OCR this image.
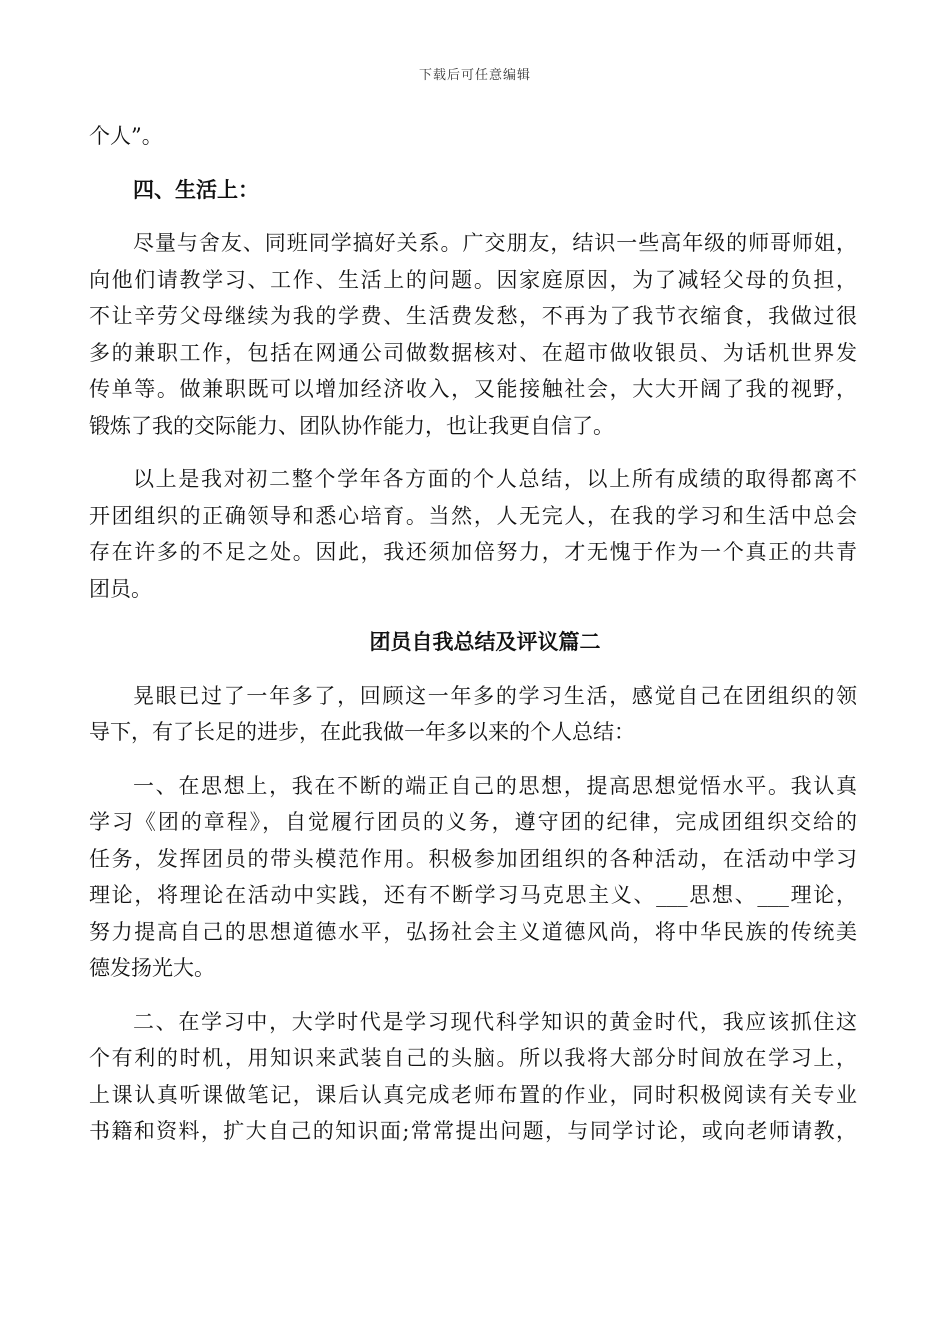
下载后可任意编辑
个人”。
四、生活上：
尽量与舍友、同班同学搞好关系。广交朋友，结识一些高年级的师哥师姐，
向他们请教学习、工作、生活上的问题。因家庭原因，为了减轻父母的负担，
不让辛劳父母继续为我的学费、生活费发愁，不再为了我节衣缩食，我做过很
多的兼职工作，包括在网通公司做数据核对、在超市做收银员、为话机世界发
传单等。做兼职既可以增加经济收入，又能接触社会，大大开阔了我的视野，
锻炼了我的交际能力、团队协作能力，也让我更自信了。
以上是我对初二整个学年各方面的个人总结，以上所有成绩的取得都离不
开团组织的正确领导和悉心培育。当然，人无完人，在我的学习和生活中总会
存在许多的不足之处。因此，我还须加倍努力，才无愧于作为一个真正的共青
团员。
团员自我总结及评议篇二
晃眼已过了一年多了，回顾这一年多的学习生活，感觉自己在团组织的领
导下，有了长足的进步，在此我做一年多以来的个人总结：
一、在思想上，我在不断的端正自己的思想，提高思想觉悟水平。我认真
学习《团的章程》，自觉履行团员的义务，遵守团的纪律，完成团组织交给的
任务，发挥团员的带头模范作用。积极参加团组织的各种活动，在活动中学习
理论，将理论在活动中实践，还有不断学习马克思主义、___思想、___理论，
努力提高自己的思想道德水平，弘扬社会主义道德风尚，将中华民族的传统美
德发扬光大。
二、在学习中，大学时代是学习现代科学知识的黄金时代，我应该抓住这
个有利的时机，用知识来武装自己的头脑。所以我将大部分时间放在学习上，
上课认真听课做笔记，课后认真完成老师布置的作业，同时积极阅读有关专业
书籍和资料，扩大自己的知识面;常常提出问题，与同学讨论，或向老师请教，
